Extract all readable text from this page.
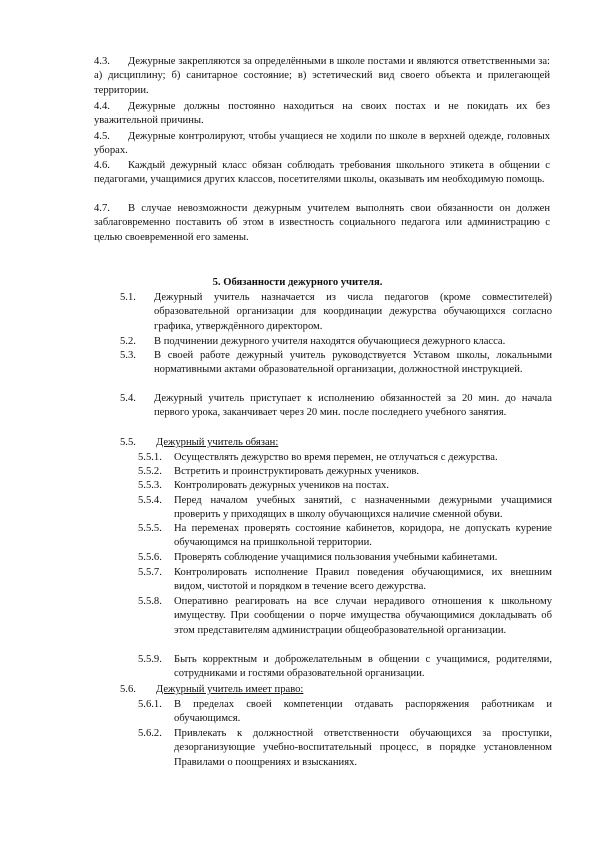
4.3.	Дежурные закрепляются за определёнными в школе постами и являются ответственными за: а) дисциплину; б) санитарное состояние; в) эстетический вид своего объекта и прилегающей территории.
4.4.	Дежурные должны постоянно находиться на своих постах и не покидать их без уважительной причины.
4.5.	Дежурные контролируют, чтобы учащиеся не ходили по школе в верхней одежде, головных уборах.
4.6.	Каждый дежурный класс обязан соблюдать требования школьного этикета в общении с педагогами, учащимися других классов, посетителями школы, оказывать им необходимую помощь.
4.7.	В случае невозможности дежурным учителем выполнять свои обязанности он должен заблаговременно поставить об этом в известность социального педагога или администрацию с целью своевременной его замены.
5. Обязанности дежурного учителя.
5.1.	Дежурный учитель назначается из числа педагогов (кроме совместителей) образовательной организации для координации дежурства обучающихся согласно графика, утверждённого директором.
5.2.	В подчинении дежурного учителя находятся обучающиеся дежурного класса.
5.3.	В своей работе дежурный учитель руководствуется Уставом школы, локальными нормативными актами образовательной организации, должностной инструкцией.
5.4.	Дежурный учитель приступает к исполнению обязанностей за 20 мин. до начала первого урока, заканчивает через 20 мин. после последнего учебного занятия.
5.5.	Дежурный учитель обязан:
5.5.1.	Осуществлять дежурство во время перемен, не отлучаться с дежурства.
5.5.2.	Встретить и проинструктировать дежурных учеников.
5.5.3.	Контролировать дежурных учеников на постах.
5.5.4.	Перед началом учебных занятий, с назначенными дежурными учащимися проверить у приходящих в школу обучающихся наличие сменной обуви.
5.5.5.	На переменах проверять состояние кабинетов, коридора, не допускать курение обучающимся на пришкольной территории.
5.5.6.	Проверять соблюдение учащимися пользования учебными кабинетами.
5.5.7.	Контролировать исполнение Правил поведения обучающимися, их внешним видом, чистотой и порядком в течение всего дежурства.
5.5.8.	Оперативно реагировать на все случаи нерадивого отношения к школьному имуществу. При сообщении о порче имущества обучающимися докладывать об этом представителям администрации общеобразовательной организации.
5.5.9.	Быть корректным и доброжелательным в общении с учащимися, родителями, сотрудниками и гостями образовательной организации.
5.6.	Дежурный учитель имеет право:
5.6.1.	В пределах своей компетенции отдавать распоряжения работникам и обучающимся.
5.6.2.	Привлекать к должностной ответственности обучающихся за проступки, дезорганизующие учебно-воспитательный процесс, в порядке установленном Правилами о поощрениях и взысканиях.
